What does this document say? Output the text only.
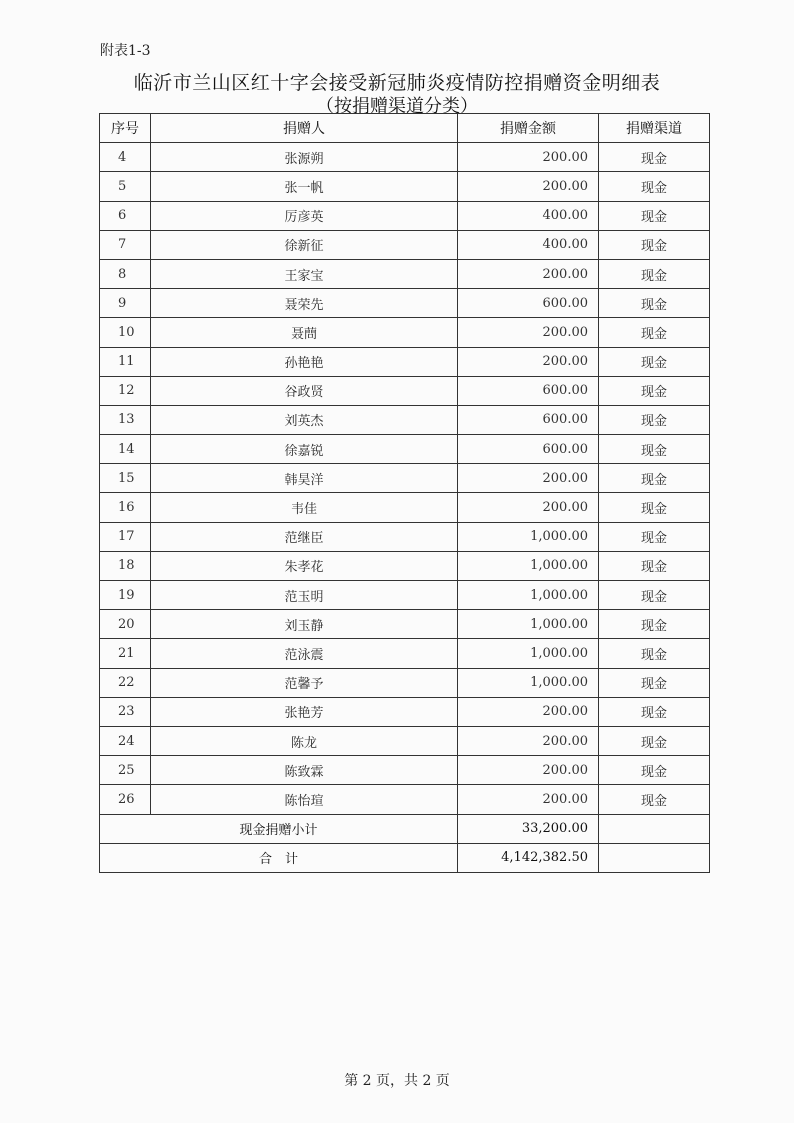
附表1-3
临沂市兰山区红十字会接受新冠肺炎疫情防控捐赠资金明细表
（按捐赠渠道分类）
序号	捐赠人	捐赠金额	捐赠渠道
4	张源朔	200.00	现金
5	张一帆	200.00	现金
6	厉彦英	400.00	现金
7	徐新征	400.00	现金
8	王家宝	200.00	现金
9	聂荣先	600.00	现金
10	聂蔄	200.00	现金
11	孙艳艳	200.00	现金
12	谷政贤	600.00	现金
13	刘英杰	600.00	现金
14	徐嘉锐	600.00	现金
15	韩昊洋	200.00	现金
16	韦佳	200.00	现金
17	范继臣	1,000.00	现金
18	朱孝花	1,000.00	现金
19	范玉明	1,000.00	现金
20	刘玉静	1,000.00	现金
21	范泳震	1,000.00	现金
22	范馨予	1,000.00	现金
23	张艳芳	200.00	现金
24	陈龙	200.00	现金
25	陈致霖	200.00	现金
26	陈怡瑄	200.00	现金
现金捐赠小计		33,200.00	
合　计		4,142,382.50	
第 2 页，共 2 页
